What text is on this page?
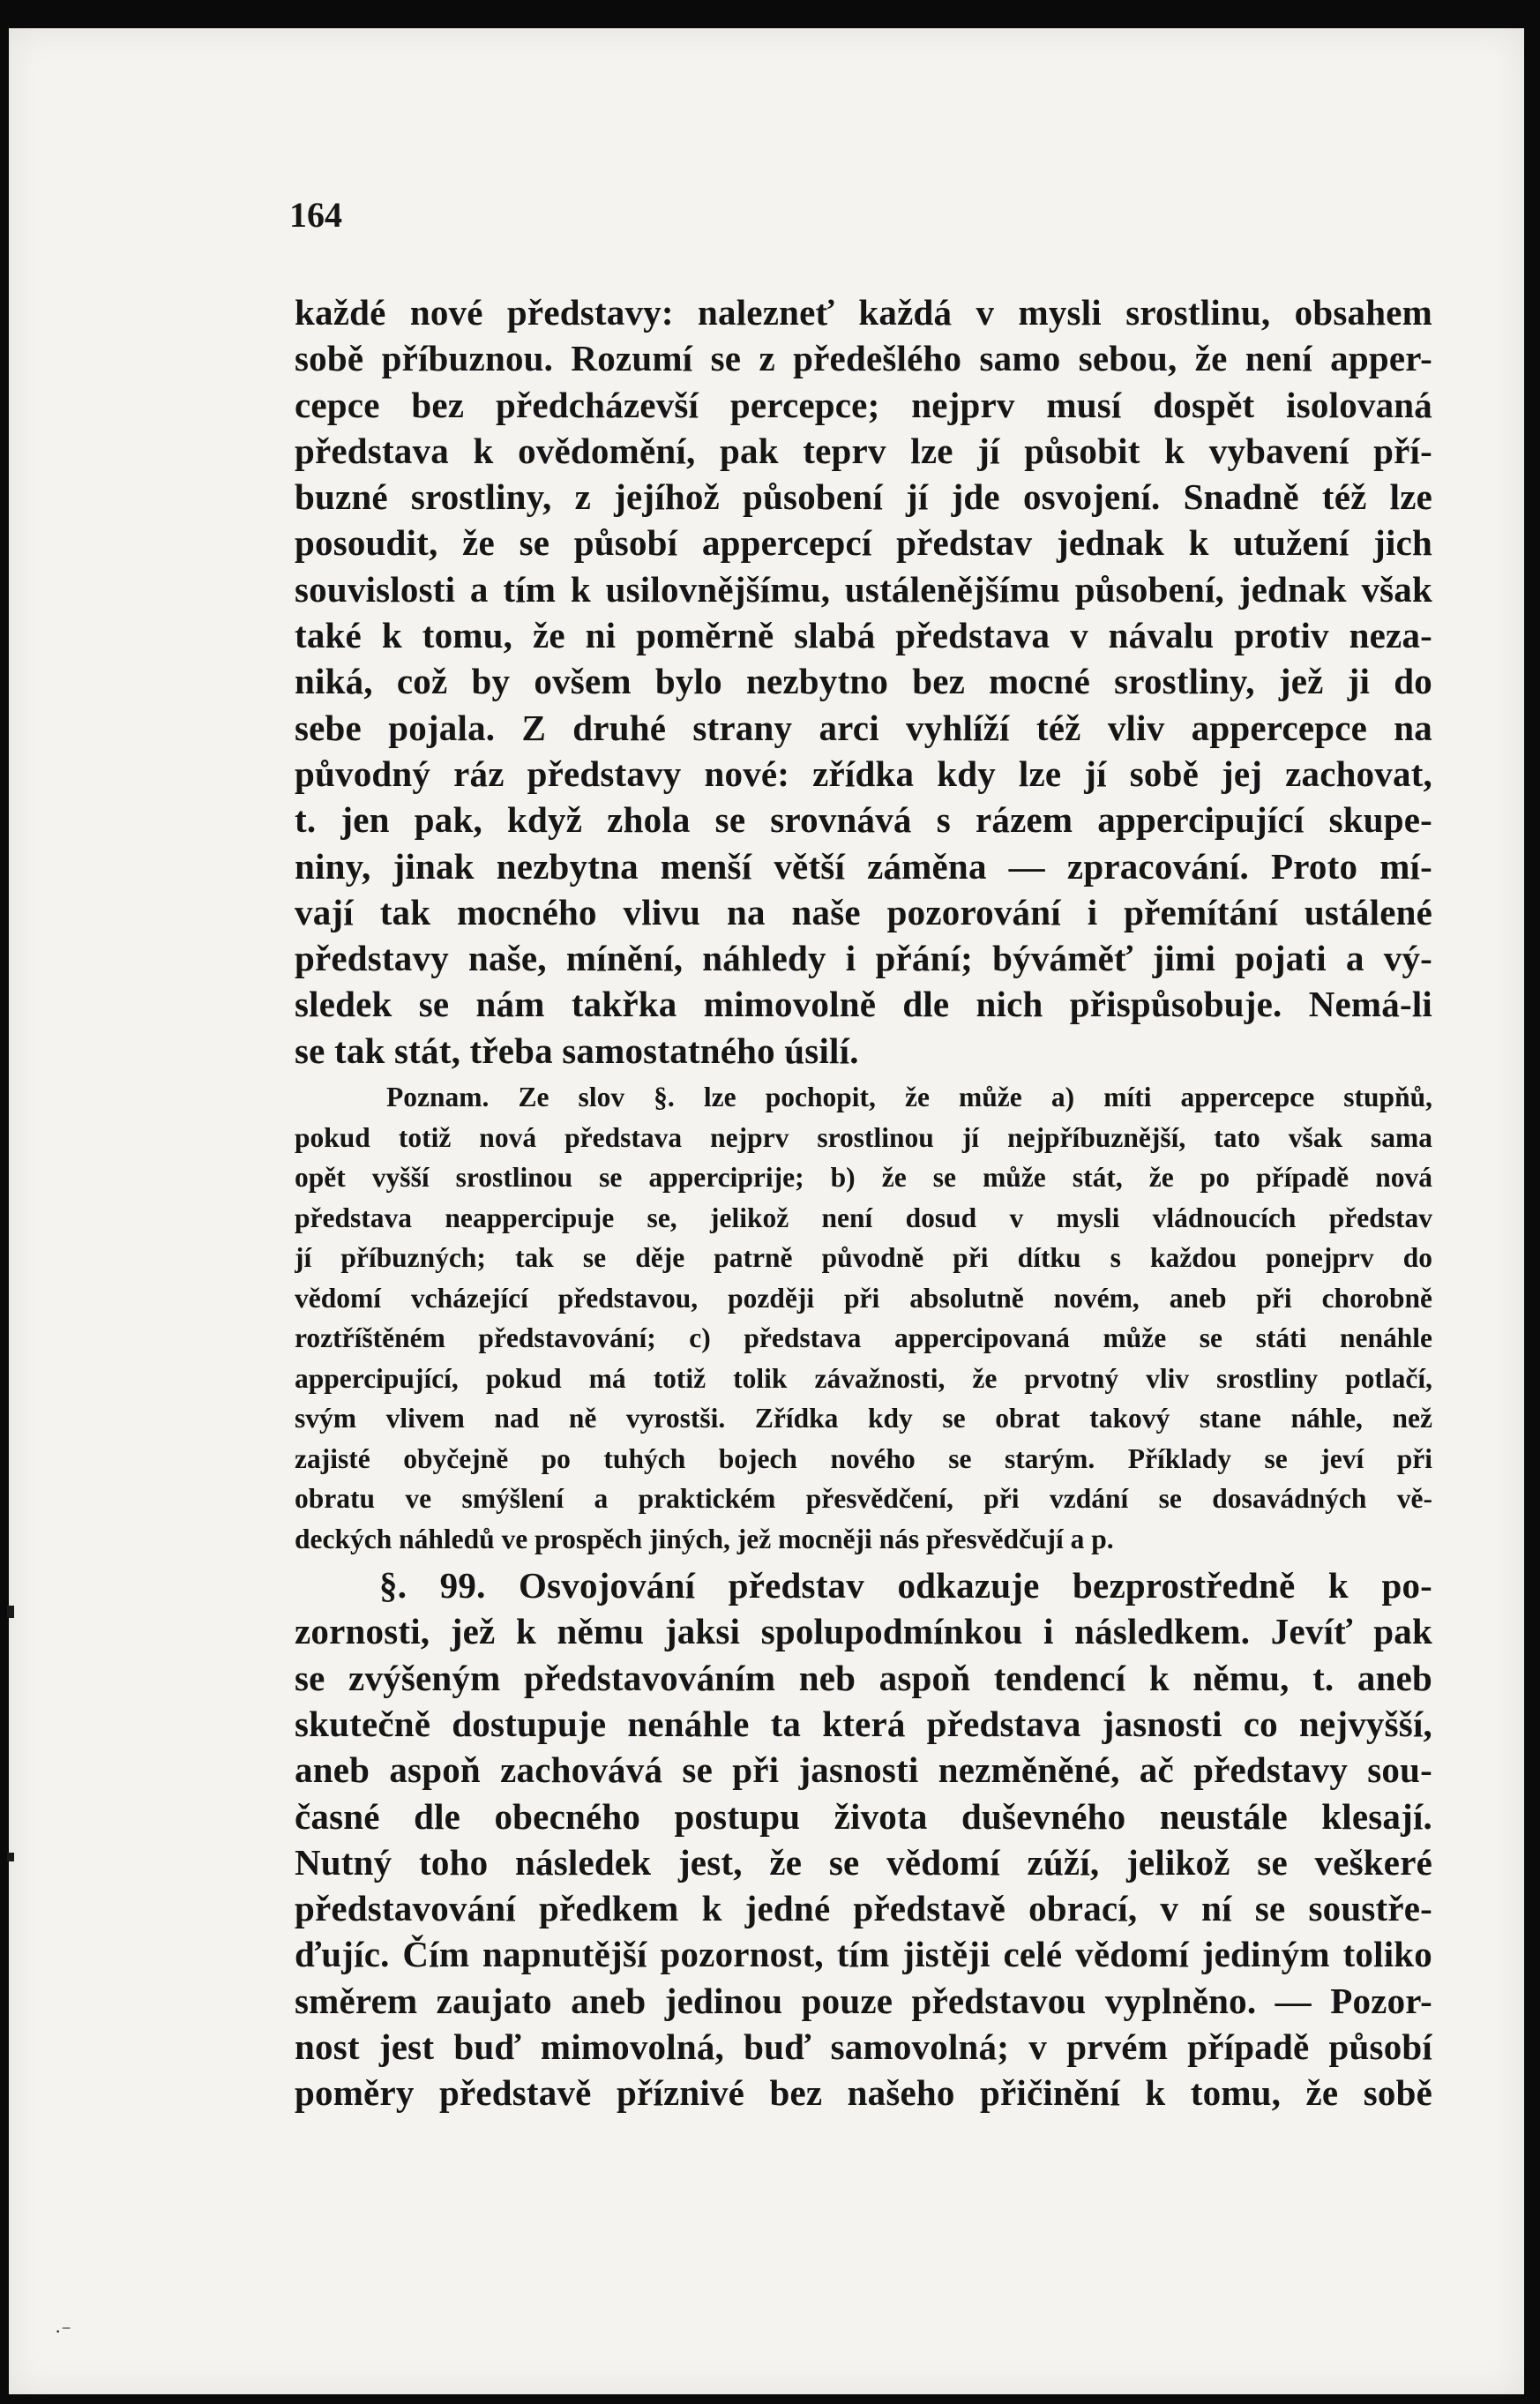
164
každé nové představy: nalezneť každá v mysli srostlinu, obsahem
sobě příbuznou. Rozumí se z předešlého samo sebou, že není apper-
cepce bez předcházevší percepce; nejprv musí dospět isolovaná
představa k ovědomění, pak teprv lze jí působit k vybavení pří-
buzné srostliny, z jejíhož působení jí jde osvojení. Snadně též lze
posoudit, že se působí appercepcí představ jednak k utužení jich
souvislosti a tím k usilovnějšímu, ustálenějšímu působení, jednak však
také k tomu, že ni poměrně slabá představa v návalu protiv neza-
niká, což by ovšem bylo nezbytno bez mocné srostliny, jež ji do
sebe pojala. Z druhé strany arci vyhlíží též vliv appercepce na
původný ráz představy nové: zřídka kdy lze jí sobě jej zachovat,
t. jen pak, když zhola se srovnává s rázem appercipující skupe-
niny, jinak nezbytna menší větší záměna — zpracování. Proto mí-
vají tak mocného vlivu na naše pozorování i přemítání ustálené
představy naše, mínění, náhledy i přání; býváměť jimi pojati a vý-
sledek se nám takřka mimovolně dle nich přispůsobuje. Nemá-li
se tak stát, třeba samostatného úsilí.
Poznam. Ze slov §. lze pochopit, že může a) míti appercepce stupňů,
pokud totiž nová představa nejprv srostlinou jí nejpříbuznější, tato však sama
opět vyšší srostlinou se apperciprije; b) že se může stát, že po případě nová
představa neappercipuje se, jelikož není dosud v mysli vládnoucích představ
jí příbuzných; tak se děje patrně původně při dítku s každou ponejprv do
vědomí vcházející představou, později při absolutně novém, aneb při chorobně
roztříštěném představování; c) představa appercipovaná může se státi nenáhle
appercipující, pokud má totiž tolik závažnosti, že prvotný vliv srostliny potlačí,
svým vlivem nad ně vyrostši. Zřídka kdy se obrat takový stane náhle, než
zajisté obyčejně po tuhých bojech nového se starým. Příklady se jeví při
obratu ve smýšlení a praktickém přesvědčení, při vzdání se dosavádných vě-
deckých náhledů ve prospěch jiných, jež mocněji nás přesvědčují a p.
§. 99. Osvojování představ odkazuje bezprostředně k po-
zornosti, jež k němu jaksi spolupodmínkou i následkem. Jevíť pak
se zvýšeným představováním neb aspoň tendencí k němu, t. aneb
skutečně dostupuje nenáhle ta která představa jasnosti co nejvyšší,
aneb aspoň zachovává se při jasnosti nezměněné, ač představy sou-
časné dle obecného postupu života duševného neustále klesají.
Nutný toho následek jest, že se vědomí zúží, jelikož se veškeré
představování předkem k jedné představě obrací, v ní se soustře-
ďujíc. Čím napnutější pozornost, tím jistěji celé vědomí jediným toliko
směrem zaujato aneb jedinou pouze představou vyplněno. — Pozor-
nost jest buď mimovolná, buď samovolná; v prvém případě působí
poměry představě příznivé bez našeho přičinění k tomu, že sobě
·⁻
